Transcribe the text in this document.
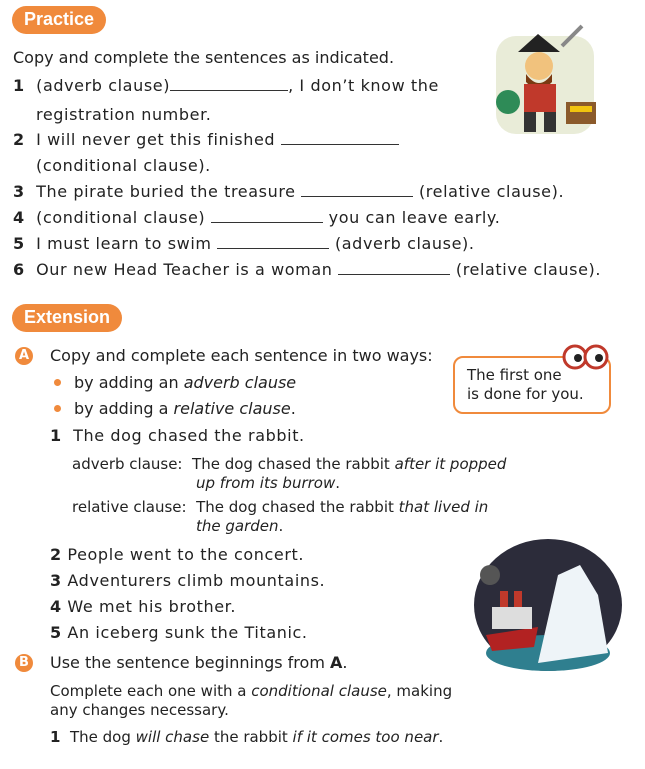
Practice
Copy and complete the sentences as indicated.
1 (adverb clause)	, I don’t know the
registration number.
2 I will never get this finished
(conditional clause).
3 The pirate buried the treasure	(relative clause).
4 (conditional clause)	you can leave early.
5 I must learn to swim	(adverb clause).
6 Our new Head Teacher is a woman	(relative clause).
Extension
A Copy and complete each sentence in two ways:
by adding an adverb clause
by adding a relative clause.
The first one
is done for you.
1 The dog chased the rabbit.
adverb clause: The dog chased the rabbit after it popped
up from its burrow.
relative clause: The dog chased the rabbit that lived in
the garden.
2 People went to the concert.
3 Adventurers climb mountains.
4 We met his brother.
5 An iceberg sunk the Titanic.
B Use the sentence beginnings from A.
Complete each one with a conditional clause, making
any changes necessary.
1 The dog will chase the rabbit if it comes too near.
